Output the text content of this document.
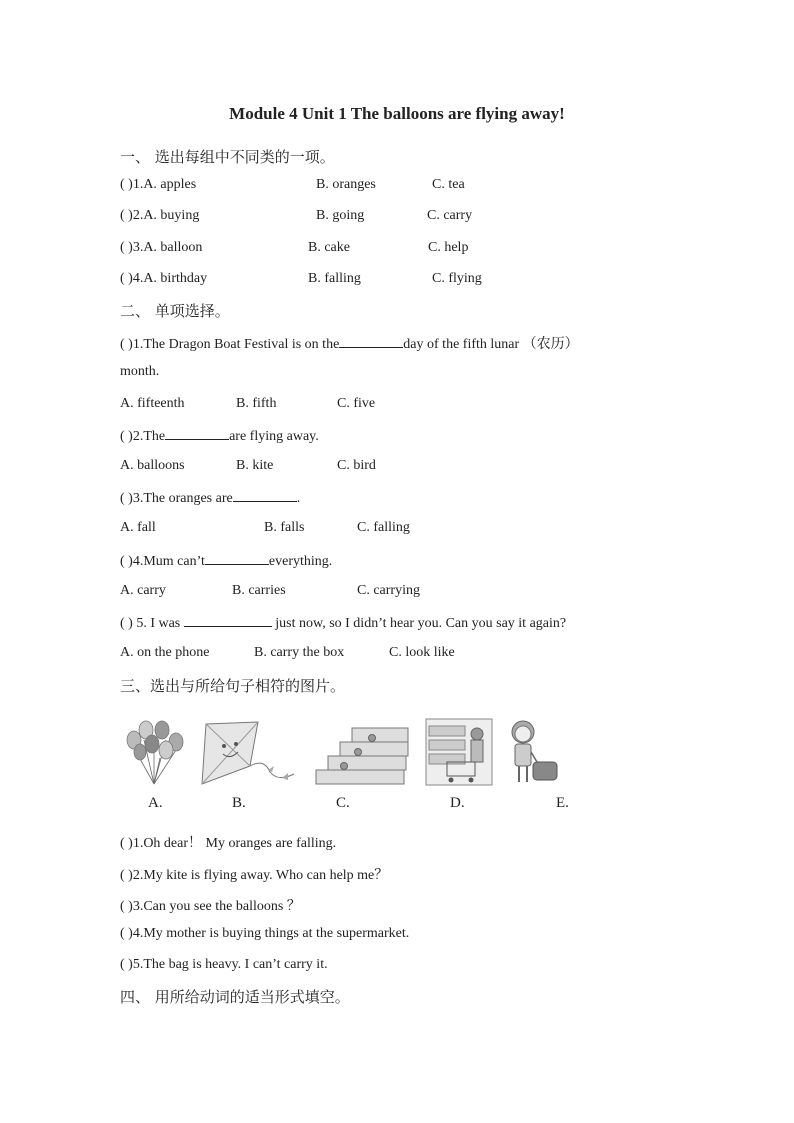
Module 4 Unit 1 The balloons are flying away!
一、 选出每组中不同类的一项。
( )1.A. apples	B. oranges	C. tea
( )2.A. buying	B. going	C. carry
( )3.A. balloon	B. cake	C. help
( )4.A. birthday	B. falling	C. flying
二、 单项选择。
( )1.The Dragon Boat Festival is on the	day of the fifth lunar （农历）
month.
A. fifteenth	B. fifth	C. five
( )2.The	are flying away.
A. balloons	B. kite	C. bird
( )3.The oranges are	.
A. fall	B. falls	C. falling
( )4.Mum can’t	everything.
A. carry	B. carries	C. carrying
( ) 5. I was	just now, so I didn’t hear you. Can you say it again?
A. on the phone	B. carry the box	C. look like
三、选出与所给句子相符的图片。
A.	B.	C.	D.	E.
( )1.Oh dear！ My oranges are falling.
( )2.My kite is flying away. Who can help me？
( )3.Can you see the balloons ？
( )4.My mother is buying things at the supermarket.
( )5.The bag is heavy. I can’t carry it.
四、 用所给动词的适当形式填空。
